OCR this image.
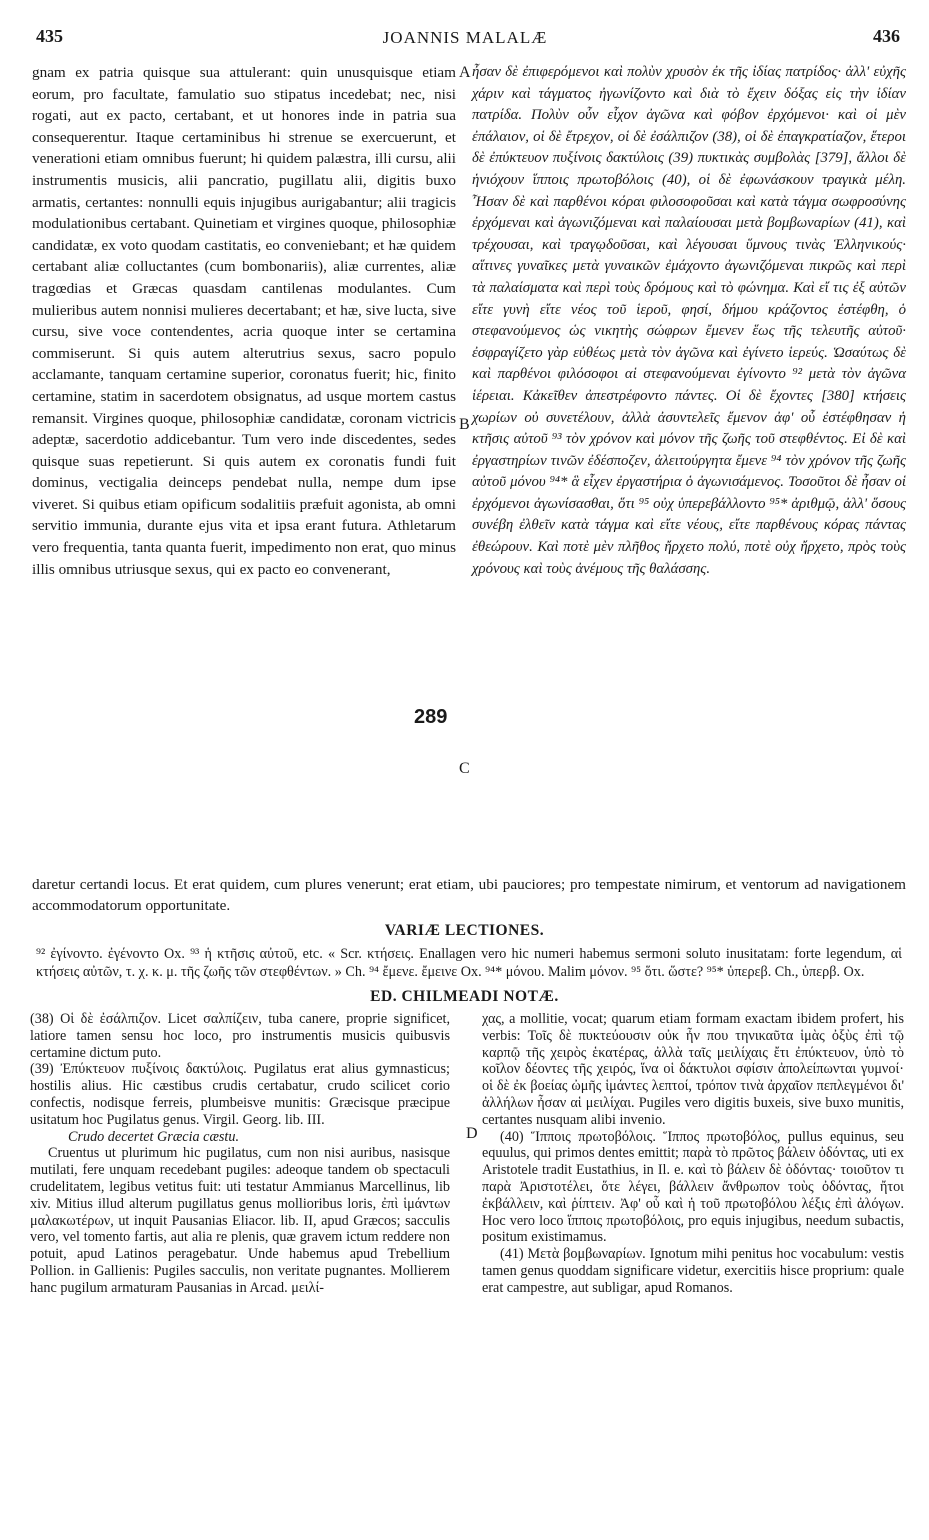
435	JOANNIS MALALÆ	436

gnam ex patria quisque sua attulerant: quin unusquisque etiam eorum, pro facultate, famulatio suo stipatus incedebat; nec, nisi rogati, aut ex pacto, certabant, et ut honores inde in patria sua consequerentur. Itaque certaminibus hi strenue se exercuerunt, et venerationi etiam omnibus fuerunt; hi quidem palæstra, illi cursu, alii instrumentis musicis, alii pancratio, pugillatu alii, digitis buxo armatis, certantes: nonnulli equis injugibus aurigabantur; alii tragicis modulationibus certabant. Quinetiam et virgines quoque, philosophiæ candidatæ, ex voto quodam castitatis, eo conveniebant; et hæ quidem certabant aliæ colluctantes (cum bombonariis), aliæ currentes, aliæ tragœdias et Græcas quasdam cantilenas modulantes. Cum mulieribus autem nonnisi mulieres decertabant; et hæ, sive lucta, sive cursu, sive voce contendentes, acria quoque inter se certamina commiserunt. Si quis autem alterutrius sexus, sacro populo acclamante, tanquam certamine superior, coronatus fuerit; hic, finito certamine, statim in sacerdotem obsignatus, ad usque mortem castus remansit. Virgines quoque, philosophiæ candidatæ, coronam victricis adeptæ, sacerdotio addicebantur. Tum vero inde discedentes, sedes quisque suas repetierunt. Si quis autem ex coronatis fundi fuit dominus, vectigalia deinceps pendebat nulla, nempe dum ipse viveret. Si quibus etiam opificum sodalitiis præfuit agonista, ab omni servitio immunia, durante ejus vita et ipsa erant futura. Athletarum vero frequentia, tanta quanta fuerit, impedimento non erat, quo minus illis omnibus utriusque sexus, qui ex pacto eo convenerant,

ἦσαν δὲ ἐπιφερόμενοι καὶ πολὺν χρυσὸν ἐκ τῆς ἰδίας πατρίδος· ἀλλ' εὐχῆς χάριν καὶ τάγματος ἠγωνίζοντο καὶ διὰ τὸ ἔχειν δόξας εἰς τὴν ἰδίαν πατρίδα. Πολὺν οὖν εἶχον ἀγῶνα καὶ φόβον ἐρχόμενοι· καὶ οἱ μὲν ἐπάλαιον, οἱ δὲ ἔτρεχον, οἱ δὲ ἐσάλπιζον (38), οἱ δὲ ἐπαγκρατίαζον, ἕτεροι δὲ ἐπύκτευον πυξίνοις δακτύλοις (39) πυκτικὰς συμβολὰς [379], ἄλλοι δὲ ἡνιόχουν ἵπποις πρωτοβόλοις (40), οἱ δὲ ἐφωνάσκουν τραγικὰ μέλη. Ἦσαν δὲ καὶ παρθένοι κόραι φιλοσοφοῦσαι καὶ κατὰ τάγμα σωφροσύνης ἐρχόμεναι καὶ ἀγωνιζόμεναι καὶ παλαίουσαι μετὰ βομβωναρίων (41), καὶ τρέχουσαι, καὶ τραγῳδοῦσαι, καὶ λέγουσαι ὕμνους τινὰς Ἑλληνικούς· αἵτινες γυναῖκες μετὰ γυναικῶν ἐμάχοντο ἀγωνιζόμεναι πικρῶς καὶ περὶ τὰ παλαίσματα καὶ περὶ τοὺς δρόμους καὶ τὸ φώνημα. Καὶ εἴ τις ἐξ αὐτῶν εἴτε γυνὴ εἴτε νέος τοῦ ἱεροῦ, φησί, δήμου κράζοντος ἐστέφθη, ὁ στεφανούμενος ὡς νικητὴς σώφρων ἔμενεν ἕως τῆς τελευτῆς αὐτοῦ· ἐσφραγίζετο γὰρ εὐθέως μετὰ τὸν ἀγῶνα καὶ ἐγίνετο ἱερεύς. Ὡσαύτως δὲ καὶ παρθένοι φιλόσοφοι αἱ στεφανούμεναι ἐγίνοντο ⁹² μετὰ τὸν ἀγῶνα ἱέρειαι. Κἀκεῖθεν ἀπεστρέφοντο πάντες. Οἱ δὲ ἔχοντες [380] κτήσεις χωρίων οὐ συνετέλουν, ἀλλὰ ἀσυντελεῖς ἔμενον ἀφ' οὗ ἐστέφθησαν ἡ κτῆσις αὐτοῦ ⁹³ τὸν χρόνον καὶ μόνον τῆς ζωῆς τοῦ στεφθέντος. Εἰ δὲ καὶ ἐργαστηρίων τινῶν ἐδέσποζεν, ἀλειτούργητα ἔμενε ⁹⁴ τὸν χρόνον τῆς ζωῆς αὐτοῦ μόνου ⁹⁴* ἃ εἶχεν ἐργαστήρια ὁ ἀγωνισάμενος. Τοσοῦτοι δὲ ἦσαν οἱ ἐρχόμενοι ἀγωνίσασθαι, ὅτι ⁹⁵ οὐχ ὑπερεβάλλοντο ⁹⁵* ἀριθμῷ, ἀλλ' ὅσους συνέβη ἐλθεῖν κατὰ τάγμα καὶ εἴτε νέους, εἴτε παρθένους κόρας πάντας ἐθεώρουν. Καὶ ποτὲ μὲν πλῆθος ἤρχετο πολύ, ποτὲ οὐχ ἤρχετο, πρὸς τοὺς χρόνους καὶ τοὺς ἀνέμους τῆς θαλάσσης.

A
B
C
D
289

daretur certandi locus. Et erat quidem, cum plures venerunt; erat etiam, ubi pauciores; pro tempestate nimirum, et ventorum ad navigationem accommodatorum opportunitate.

VARIÆ LECTIONES.

⁹² ἐγίνοντο. ἐγένοντο Ox. ⁹³ ἡ κτῆσις αὐτοῦ, etc. « Scr. κτήσεις. Enallagen vero hic numeri habemus sermoni soluto inusitatam: forte legendum, αἱ κτήσεις αὐτῶν, τ. χ. κ. μ. τῆς ζωῆς τῶν στεφθέντων. » Ch. ⁹⁴ ἔμενε. ἔμεινε Ox. ⁹⁴* μόνου. Malim μόνον. ⁹⁵ ὅτι. ὥστε? ⁹⁵* ὑπερεβ. Ch., ὑπερβ. Ox.

ED. CHILMEADI NOTÆ.

(38) Οἱ δὲ ἐσάλπιζον. Licet σαλπίζειν, tuba canere, proprie significet, latiore tamen sensu hoc loco, pro instrumentis musicis quibusvis certamine dictum puto.

(39) Ἐπύκτευον πυξίνοις δακτύλοις. Pugilatus erat alius gymnasticus; hostilis alius. Hic cæstibus crudis certabatur, crudo scilicet corio confectis, nodisque ferreis, plumbeisve munitis: Græcisque præcipue usitatum hoc Pugilatus genus. Virgil. Georg. lib. III.

Crudo decertet Græcia cæstu.

Cruentus ut plurimum hic pugilatus, cum non nisi auribus, nasisque mutilati, fere unquam recedebant pugiles: adeoque tandem ob spectaculi crudelitatem, legibus vetitus fuit: uti testatur Ammianus Marcellinus, lib xiv. Mitius illud alterum pugillatus genus mollioribus loris, ἐπὶ ἱμάντων μαλακωτέρων, ut inquit Pausanias Eliacor. lib. II, apud Græcos; sacculis vero, vel tomento fartis, aut alia re plenis, quæ gravem ictum reddere non potuit, apud Latinos peragebatur. Unde habemus apud Trebellium Pollion. in Gallienis: Pugiles sacculis, non veritate pugnantes. Mollierem hanc pugilum armaturam Pausanias in Arcad. μειλί-

χας, a mollitie, vocat; quarum etiam formam exactam ibidem profert, his verbis: Τοῖς δὲ πυκτεύουσιν οὐκ ἦν που τηνικαῦτα ἱμὰς ὀξὺς ἐπὶ τῷ καρπῷ τῆς χειρὸς ἑκατέρας, ἀλλὰ ταῖς μειλίχαις ἔτι ἐπύκτευον, ὑπὸ τὸ κοῖλον δέοντες τῆς χειρός, ἵνα οἱ δάκτυλοι σφίσιν ἀπολείπωνται γυμνοί· οἱ δὲ ἐκ βοείας ὠμῆς ἱμάντες λεπτοί, τρόπον τινὰ ἀρχαῖον πεπλεγμένοι δι' ἀλλήλων ἦσαν αἱ μειλίχαι. Pugiles vero digitis buxeis, sive buxo munitis, certantes nusquam alibi invenio.

(40) Ἵπποις πρωτοβόλοις. Ἵππος πρωτοβόλος, pullus equinus, seu equulus, qui primos dentes emittit; παρὰ τὸ πρῶτος βάλειν ὀδόντας, uti ex Aristotele tradit Eustathius, in Il. e. καὶ τὸ βάλειν δὲ ὀδόντας· τοιοῦτον τι παρὰ Ἀριστοτέλει, ὅτε λέγει, βάλλειν ἄνθρωπον τοὺς ὀδόντας, ἤτοι ἐκβάλλειν, καὶ ῥίπτειν. Ἀφ' οὗ καὶ ἡ τοῦ πρωτοβόλου λέξις ἐπὶ ἀλόγων. Hoc vero loco ἵπποις πρωτοβόλοις, pro equis injugibus, needum subactis, positum existimamus.

(41) Μετὰ βομβωναρίων. Ignotum mihi penitus hoc vocabulum: vestis tamen genus quoddam significare videtur, exercitiis hisce proprium: quale erat campestre, aut subligar, apud Romanos.
